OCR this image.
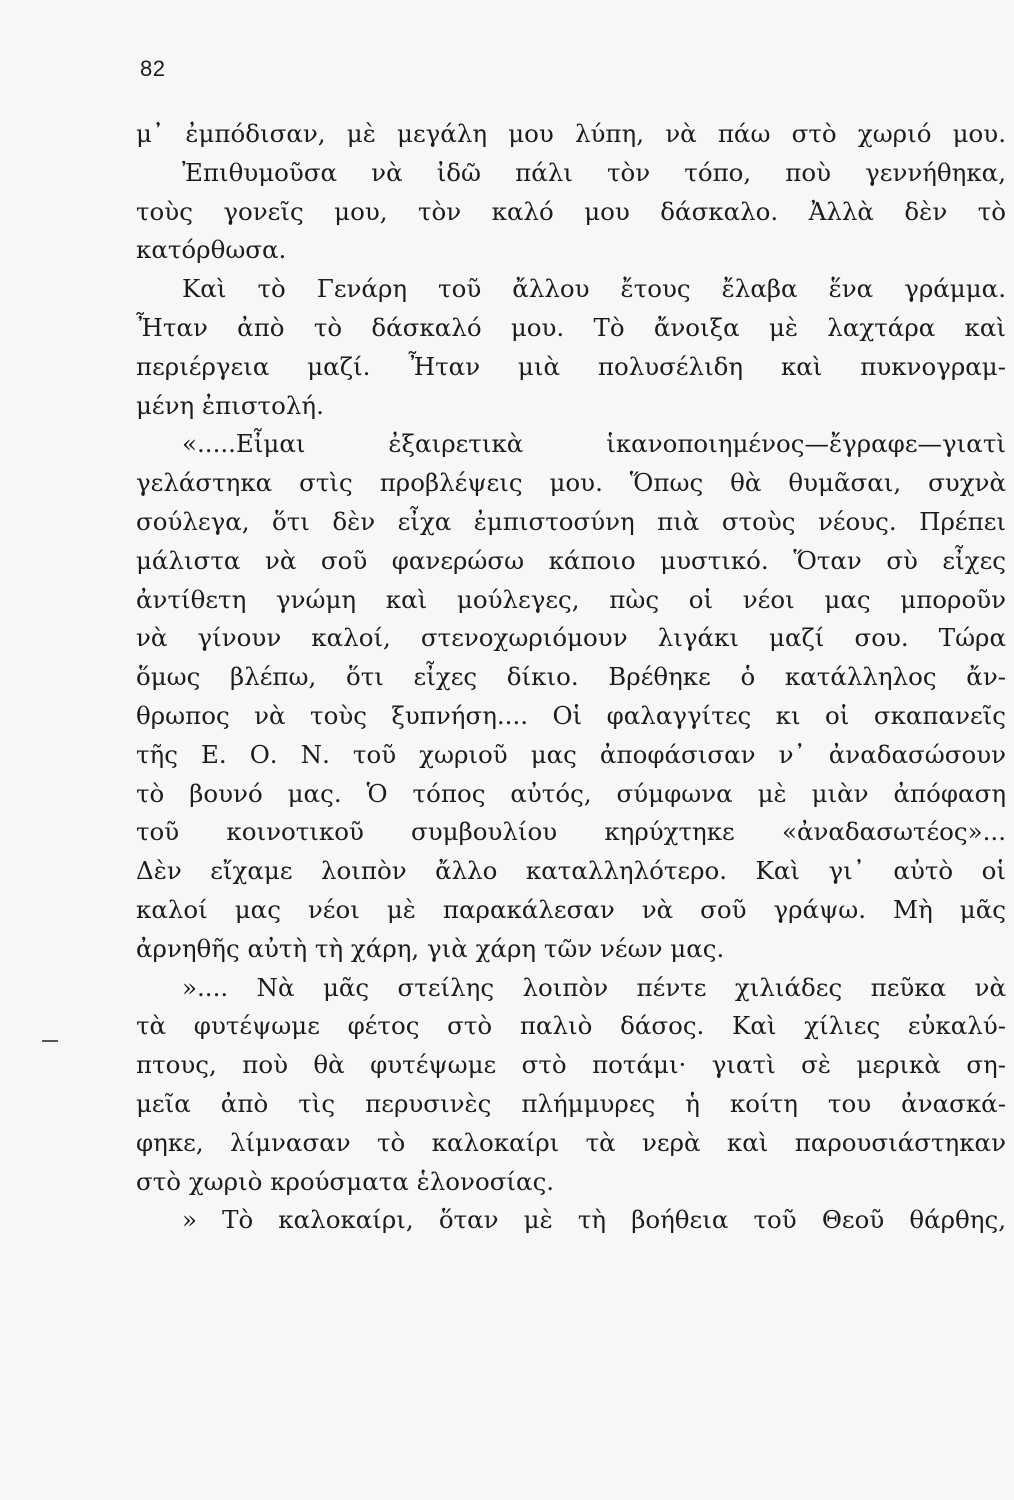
82
μ᾽ ἐμπόδισαν, μὲ μεγάλη μου λύπη, νὰ πάω στὸ χωριό μου.
Ἐπιθυμοῦσα νὰ ἰδῶ πάλι τὸν τόπο, ποὺ γεννήθηκα,
τοὺς γονεῖς μου, τὸν καλό μου δάσκαλο. Ἀλλὰ δὲν τὸ
κατόρθωσα.
Καὶ τὸ Γενάρη τοῦ ἄλλου ἔτους ἔλαβα ἕνα γράμμα.
Ἦταν ἀπὸ τὸ δάσκαλό μου. Τὸ ἄνοιξα μὲ λαχτάρα καὶ
περιέργεια μαζί. Ἦταν μιὰ πολυσέλιδη καὶ πυκνογραμ-
μένη ἐπιστολή.
«.....Εἶμαι ἐξαιρετικὰ ἱκανοποιημένος—ἔγραφε—γιατὶ
γελάστηκα στὶς προβλέψεις μου. Ὅπως θὰ θυμᾶσαι, συχνὰ
σούλεγα, ὅτι δὲν εἶχα ἐμπιστοσύνη πιὰ στοὺς νέους. Πρέπει
μάλιστα νὰ σοῦ φανερώσω κάποιο μυστικό. Ὅταν σὺ εἶχες
ἀντίθετη γνώμη καὶ μούλεγες, πὼς οἱ νέοι μας μποροῦν
νὰ γίνουν καλοί, στενοχωριόμουν λιγάκι μαζί σου. Τώρα
ὅμως βλέπω, ὅτι εἶχες δίκιο. Βρέθηκε ὁ κατάλληλος ἄν-
θρωπος νὰ τοὺς ξυπνήση.... Οἱ φαλαγγίτες κι οἱ σκαπανεῖς
τῆς Ε. Ο. Ν. τοῦ χωριοῦ μας ἀποφάσισαν ν᾽ ἀναδασώσουν
τὸ βουνό μας. Ὁ τόπος αὐτός, σύμφωνα μὲ μιὰν ἀπόφαση
τοῦ κοινοτικοῦ συμβουλίου κηρύχτηκε «ἀναδασωτέος»...
Δὲν εἴχαμε λοιπὸν ἄλλο καταλληλότερο. Καὶ γι᾽ αὐτὸ οἱ
καλοί μας νέοι μὲ παρακάλεσαν νὰ σοῦ γράψω. Μὴ μᾶς
ἀρνηθῆς αὐτὴ τὴ χάρη, γιὰ χάρη τῶν νέων μας.
».... Νὰ μᾶς στείλης λοιπὸν πέντε χιλιάδες πεῦκα νὰ
τὰ φυτέψωμε φέτος στὸ παλιὸ δάσος. Καὶ χίλιες εὐκαλύ-
πτους, ποὺ θὰ φυτέψωμε στὸ ποτάμι· γιατὶ σὲ μερικὰ ση-
μεῖα ἀπὸ τὶς περυσινὲς πλήμμυρες ἡ κοίτη του ἀνασκά-
φηκε, λίμνασαν τὸ καλοκαίρι τὰ νερὰ καὶ παρουσιάστηκαν
στὸ χωριὸ κρούσματα ἑλονοσίας.
» Τὸ καλοκαίρι, ὅταν μὲ τὴ βοήθεια τοῦ Θεοῦ θάρθης,
